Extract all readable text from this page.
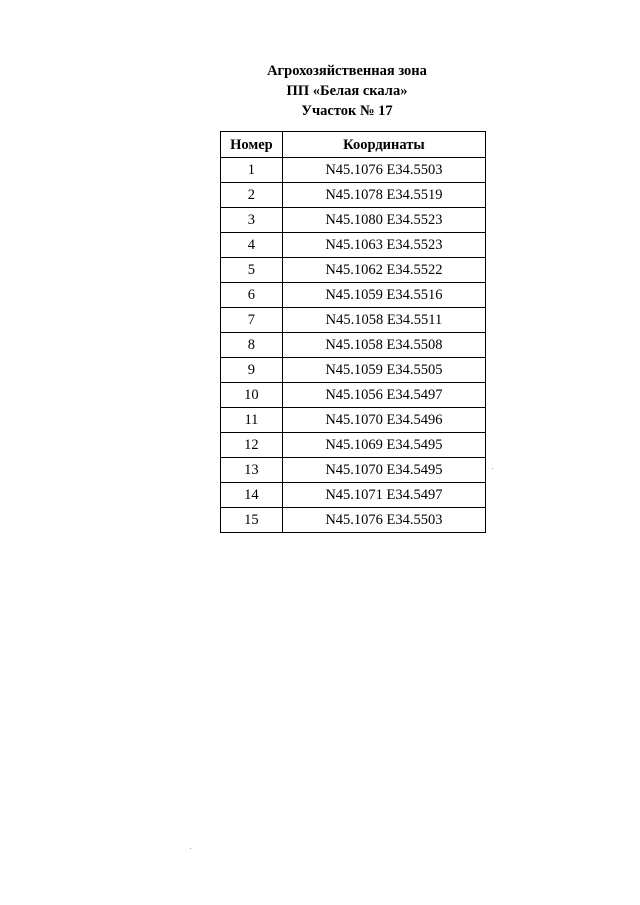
Агрохозяйственная зона
ПП «Белая скала»
Участок № 17
Номер	Координаты
1	N45.1076 E34.5503
2	N45.1078 E34.5519
3	N45.1080 E34.5523
4	N45.1063 E34.5523
5	N45.1062 E34.5522
6	N45.1059 E34.5516
7	N45.1058 E34.5511
8	N45.1058 E34.5508
9	N45.1059 E34.5505
10	N45.1056 E34.5497
11	N45.1070 E34.5496
12	N45.1069 E34.5495
13	N45.1070 E34.5495
14	N45.1071 E34.5497
15	N45.1076 E34.5503
